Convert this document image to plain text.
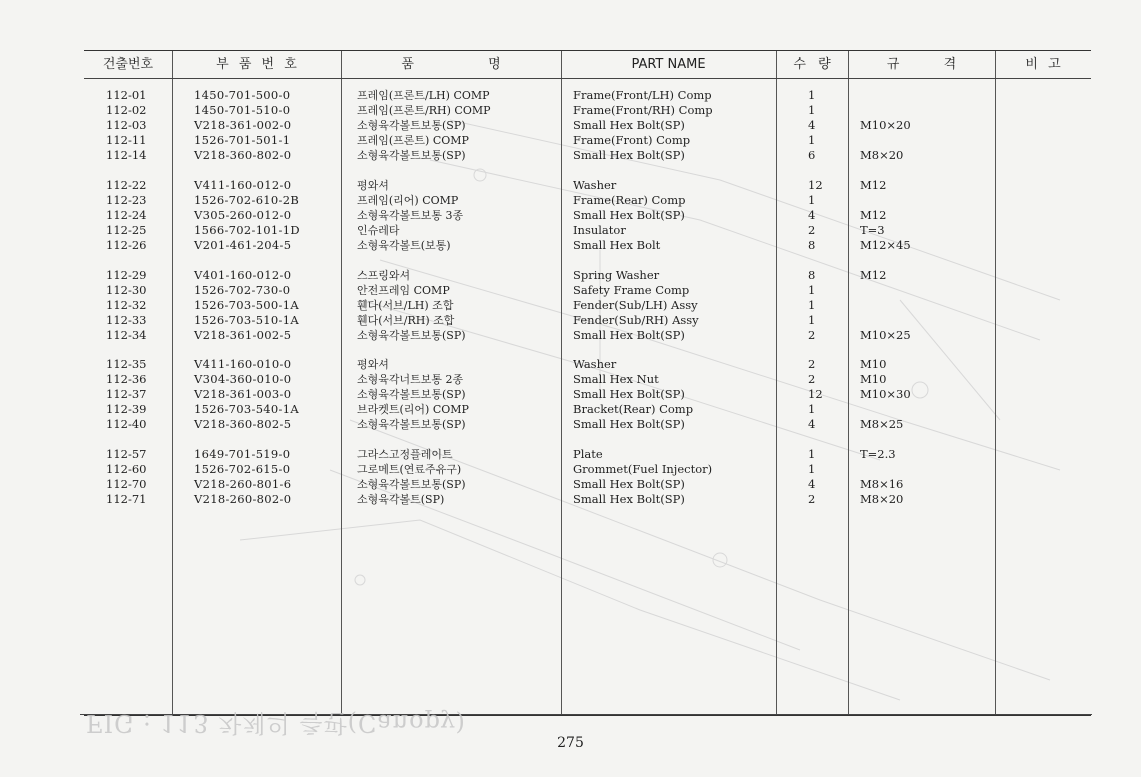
건출번호	부 품 번 호	품 명	PART NAME	수 량	규 격	비 고
112-01	1450-701-500-0	프레임(프론트/LH) COMP	Frame(Front/LH) Comp	1
112-02	1450-701-510-0	프레임(프론트/RH) COMP	Frame(Front/RH) Comp	1
112-03	V218-361-002-0	소형육각볼트보통(SP)	Small Hex Bolt(SP)	4	M10×20
112-11	1526-701-501-1	프레임(프론트) COMP	Frame(Front) Comp	1
112-14	V218-360-802-0	소형육각볼트보통(SP)	Small Hex Bolt(SP)	6	M8×20
112-22	V411-160-012-0	평와셔	Washer	12	M12
112-23	1526-702-610-2B	프레임(리어) COMP	Frame(Rear) Comp	1
112-24	V305-260-012-0	소형육각볼트보통 3종	Small Hex Bolt(SP)	4	M12
112-25	1566-702-101-1D	인슈레타	Insulator	2	T=3
112-26	V201-461-204-5	소형육각볼트(보통)	Small Hex Bolt	8	M12×45
112-29	V401-160-012-0	스프링와셔	Spring Washer	8	M12
112-30	1526-702-730-0	안전프레임 COMP	Safety Frame Comp	1
112-32	1526-703-500-1A	휀다(서브/LH) 조합	Fender(Sub/LH) Assy	1
112-33	1526-703-510-1A	휀다(서브/RH) 조합	Fender(Sub/RH) Assy	1
112-34	V218-361-002-5	소형육각볼트보통(SP)	Small Hex Bolt(SP)	2	M10×25
112-35	V411-160-010-0	평와셔	Washer	2	M10
112-36	V304-360-010-0	소형육각너트보통 2종	Small Hex Nut	2	M10
112-37	V218-361-003-0	소형육각볼트보통(SP)	Small Hex Bolt(SP)	12	M10×30
112-39	1526-703-540-1A	브라켓트(리어) COMP	Bracket(Rear) Comp	1
112-40	V218-360-802-5	소형육각볼트보통(SP)	Small Hex Bolt(SP)	4	M8×25
112-57	1649-701-519-0	그라스고정플레이트	Plate	1	T=2.3
112-60	1526-702-615-0	그로메트(연료주유구)	Grommet(Fuel Injector)	1
112-70	V218-260-801-6	소형육각볼트보통(SP)	Small Hex Bolt(SP)	4	M8×16
112-71	V218-260-802-0	소형육각볼트(SP)	Small Hex Bolt(SP)	2	M8×20
FIG : 113 차체의 측판(Canopy)
275
